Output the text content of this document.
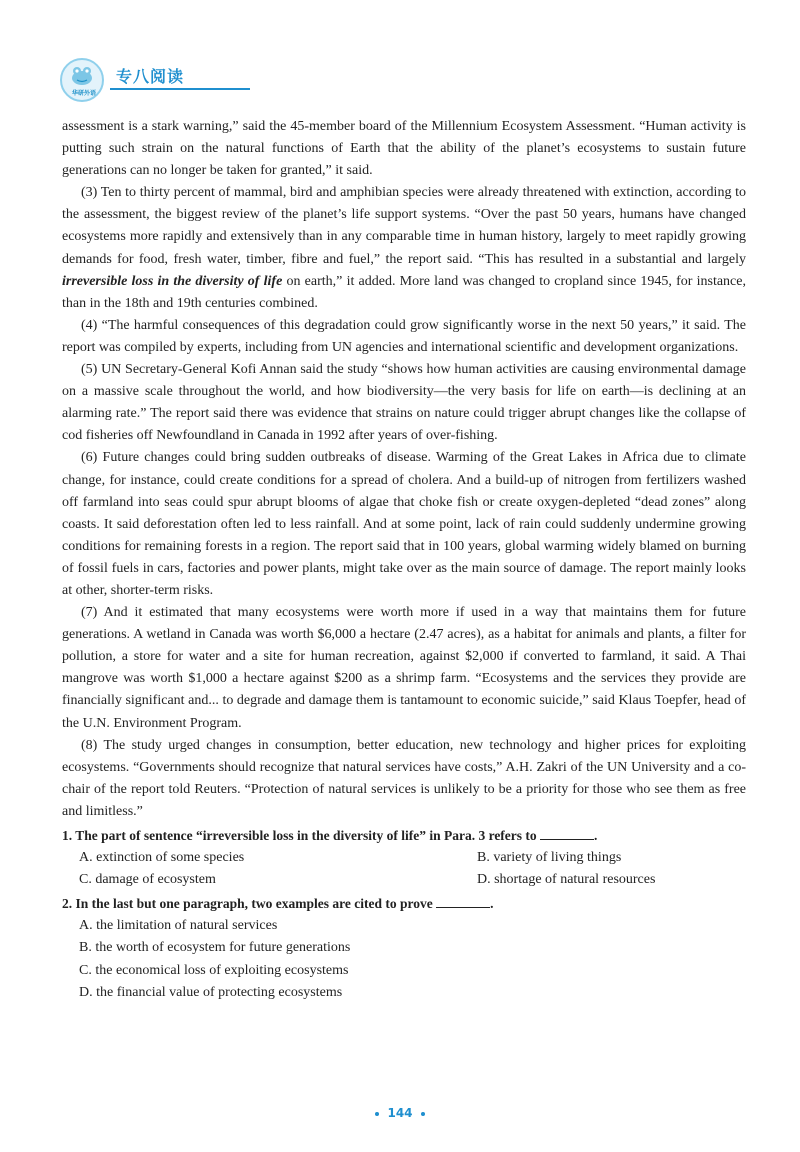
华研外语
专八阅读

assessment is a stark warning,” said the 45-member board of the Millennium Ecosystem Assessment. “Human activity is putting such strain on the natural functions of Earth that the ability of the planet’s ecosystems to sustain future generations can no longer be taken for granted,” it said.

(3) Ten to thirty percent of mammal, bird and amphibian species were already threatened with extinction, according to the assessment, the biggest review of the planet’s life support systems. “Over the past 50 years, humans have changed ecosystems more rapidly and extensively than in any comparable time in human history, largely to meet rapidly growing demands for food, fresh water, timber, fibre and fuel,” the report said. “This has resulted in a substantial and largely irreversible loss in the diversity of life on earth,” it added. More land was changed to cropland since 1945, for instance, than in the 18th and 19th centuries combined.

(4) “The harmful consequences of this degradation could grow significantly worse in the next 50 years,” it said. The report was compiled by experts, including from UN agencies and international scientific and development organizations.

(5) UN Secretary-General Kofi Annan said the study “shows how human activities are causing environmental damage on a massive scale throughout the world, and how biodiversity—the very basis for life on earth—is declining at an alarming rate.” The report said there was evidence that strains on nature could trigger abrupt changes like the collapse of cod fisheries off Newfoundland in Canada in 1992 after years of over-fishing.

(6) Future changes could bring sudden outbreaks of disease. Warming of the Great Lakes in Africa due to climate change, for instance, could create conditions for a spread of cholera. And a build-up of nitrogen from fertilizers washed off farmland into seas could spur abrupt blooms of algae that choke fish or create oxygen-depleted “dead zones” along coasts. It said deforestation often led to less rainfall. And at some point, lack of rain could suddenly undermine growing conditions for remaining forests in a region. The report said that in 100 years, global warming widely blamed on burning of fossil fuels in cars, factories and power plants, might take over as the main source of damage. The report mainly looks at other, shorter-term risks.

(7) And it estimated that many ecosystems were worth more if used in a way that maintains them for future generations. A wetland in Canada was worth $6,000 a hectare (2.47 acres), as a habitat for animals and plants, a filter for pollution, a store for water and a site for human recreation, against $2,000 if converted to farmland, it said. A Thai mangrove was worth $1,000 a hectare against $200 as a shrimp farm. “Ecosystems and the services they provide are financially significant and... to degrade and damage them is tantamount to economic suicide,” said Klaus Toepfer, head of the U.N. Environment Program.

(8) The study urged changes in consumption, better education, new technology and higher prices for exploiting ecosystems. “Governments should recognize that natural services have costs,” A.H. Zakri of the UN University and a co-chair of the report told Reuters. “Protection of natural services is unlikely to be a priority for those who see them as free and limitless.”

1. The part of sentence “irreversible loss in the diversity of life” in Para. 3 refers to	.
A. extinction of some species	B. variety of living things
C. damage of ecosystem	D. shortage of natural resources
2. In the last but one paragraph, two examples are cited to prove	.
A. the limitation of natural services
B. the worth of ecosystem for future generations
C. the economical loss of exploiting ecosystems
D. the financial value of protecting ecosystems
144
